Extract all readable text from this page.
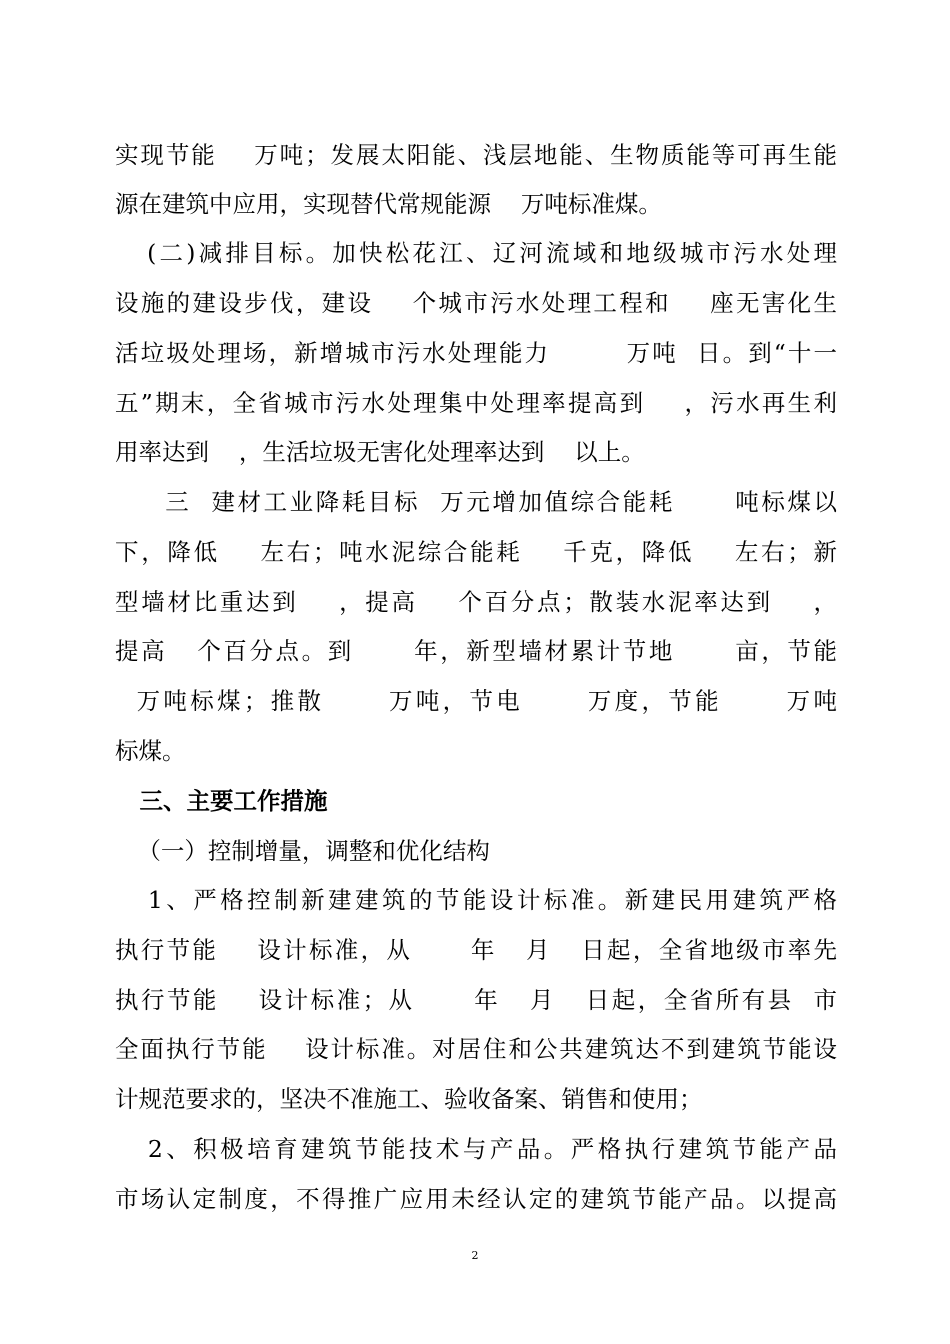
实现节能    万吨；发展太阳能、浅层地能、生物质能等可再生能

源在建筑中应用，实现替代常规能源    万吨标准煤。

(二)减排目标。加快松花江、辽河流域和地级城市污水处理

设施的建设步伐，建设    个城市污水处理工程和    座无害化生

活垃圾处理场，新增城市污水处理能力        万吨  日。到“十一

五”期末，全省城市污水处理集中处理率提高到    ，污水再生利

用率达到    ，生活垃圾无害化处理率达到    以上。

三  建材工业降耗目标  万元增加值综合能耗      吨标煤以

下，降低    左右；吨水泥综合能耗    千克，降低    左右；新

型墙材比重达到    ，提高    个百分点；散装水泥率达到    ，

提高   个百分点。到      年，新型墙材累计节地      亩，节能

万吨标煤；推散      万吨，节电      万度，节能      万吨

标煤。

三、主要工作措施

（一）控制增量，调整和优化结构

1、严格控制新建建筑的节能设计标准。新建民用建筑严格

执行节能    设计标准，从      年   月   日起，全省地级市率先

执行节能    设计标准；从      年   月   日起，全省所有县  市

全面执行节能    设计标准。对居住和公共建筑达不到建筑节能设

计规范要求的，坚决不准施工、验收备案、销售和使用；

2、积极培育建筑节能技术与产品。严格执行建筑节能产品

市场认定制度，不得推广应用未经认定的建筑节能产品。以提高

2
